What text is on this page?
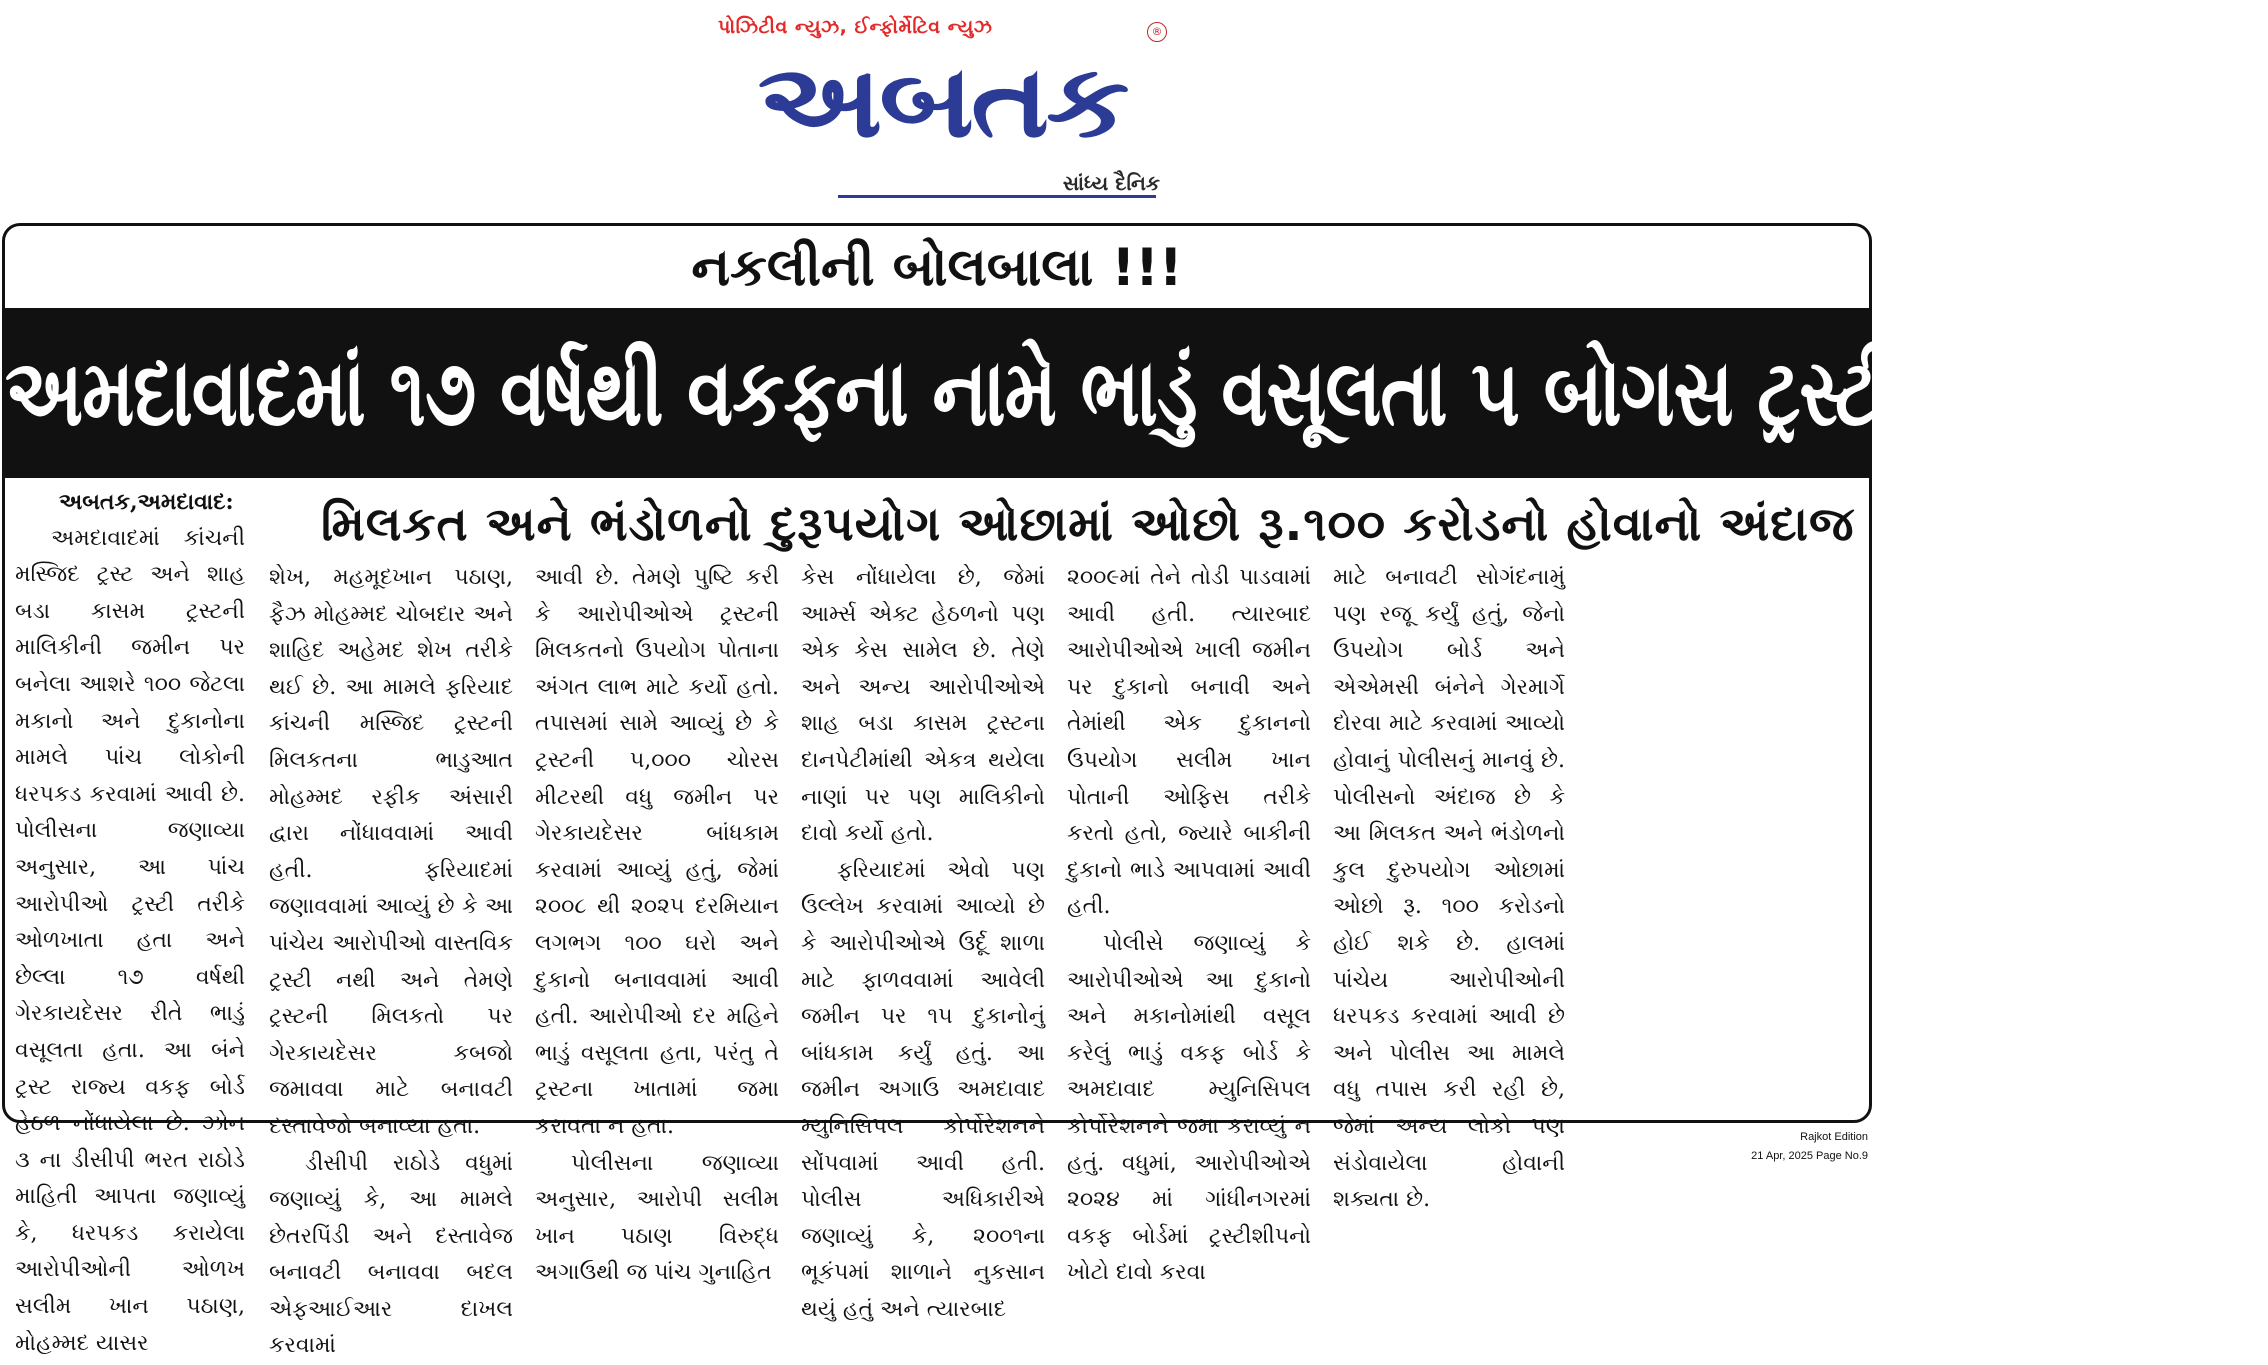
પોઝિટીવ ન્યુઝ, ઈન્ફોર્મેટિવ ન્યુઝ	®
અબતક
સાંધ્ય દૈનિક
નકલીની બોલબાલા !!!
અમદાવાદમાં ૧૭ વર્ષથી વકફના નામે ભાડું વસૂલતા ૫ બોગસ ટ્રસ્ટીઓ ઝડપાયા
મિલકત અને ભંડોળનો દુરૂપયોગ ઓછામાં ઓછો રૂ.૧૦૦ કરોડનો હોવાનો અંદાજ
અબતક,અમદાવાદ:

અમદાવાદમાં કાંચની મસ્જિદ ટ્રસ્ટ અને શાહ બડા કાસમ ટ્રસ્ટની માલિકીની જમીન પર બનેલા આશરે ૧૦૦ જેટલા મકાનો અને દુકાનોના મામલે પાંચ લોકોની ધરપકડ કરવામાં આવી છે. પોલીસના જણાવ્યા અનુસાર, આ પાંચ આરોપીઓ ટ્રસ્ટી તરીકે ઓળખાતા હતા અને છેલ્લા ૧૭ વર્ષથી ગેરકાયદેસર રીતે ભાડું વસૂલતા હતા. આ બંને ટ્રસ્ટ રાજ્ય વકફ બોર્ડ હેઠળ નોંધાયેલા છે. ઝોન ૩ ના ડીસીપી ભરત રાઠોડે માહિતી આપતા જણાવ્યું કે, ધરપકડ કરાયેલા આરોપીઓની ઓળખ સલીમ ખાન પઠાણ, મોહમ્મદ યાસર

શેખ, મહમૂદખાન પઠાણ, ફૈઝ મોહમ્મદ ચોબદાર અને શાહિદ અહેમદ શેખ તરીકે થઈ છે. આ મામલે ફરિયાદ કાંચની મસ્જિદ ટ્રસ્ટની મિલકતના ભાડુઆત મોહમ્મદ રફીક અંસારી દ્વારા નોંધાવવામાં આવી હતી. ફરિયાદમાં જણાવવામાં આવ્યું છે કે આ પાંચેય આરોપીઓ વાસ્તવિક ટ્રસ્ટી નથી અને તેમણે ટ્રસ્ટની મિલકતો પર ગેરકાયદેસર કબજો જમાવવા માટે બનાવટી દસ્તાવેજો બનાવ્યા હતા.

ડીસીપી રાઠોડે વધુમાં જણાવ્યું કે, આ મામલે છેતરપિંડી અને દસ્તાવેજ બનાવટી બનાવવા બદલ એફઆઈઆર દાખલ કરવામાં

આવી છે. તેમણે પુષ્ટિ કરી કે આરોપીઓએ ટ્રસ્ટની મિલકતનો ઉપયોગ પોતાના અંગત લાભ માટે કર્યો હતો. તપાસમાં સામે આવ્યું છે કે ટ્રસ્ટની ૫,૦૦૦ ચોરસ મીટરથી વધુ જમીન પર ગેરકાયદેસર બાંધકામ કરવામાં આવ્યું હતું, જેમાં ૨૦૦૮ થી ૨૦૨૫ દરમિયાન લગભગ ૧૦૦ ઘરો અને દુકાનો બનાવવામાં આવી હતી. આરોપીઓ દર મહિને ભાડું વસૂલતા હતા, પરંતુ તે ટ્રસ્ટના ખાતામાં જમા કરાવતા ન હતા.

પોલીસના જણાવ્યા અનુસાર, આરોપી સલીમ ખાન પઠાણ વિરુદ્ધ અગાઉથી જ પાંચ ગુનાહિત

કેસ નોંધાયેલા છે, જેમાં આર્મ્સ એક્ટ હેઠળનો પણ એક કેસ સામેલ છે. તેણે અને અન્ય આરોપીઓએ શાહ બડા કાસમ ટ્રસ્ટના દાનપેટીમાંથી એકત્ર થયેલા નાણાં પર પણ માલિકીનો દાવો કર્યો હતો.

ફરિયાદમાં એવો પણ ઉલ્લેખ કરવામાં આવ્યો છે કે આરોપીઓએ ઉર્દૂ શાળા માટે ફાળવવામાં આવેલી જમીન પર ૧૫ દુકાનોનું બાંધકામ કર્યું હતું. આ જમીન અગાઉ અમદાવાદ મ્યુનિસિપલ કોર્પોરેશનને સોંપવામાં આવી હતી. પોલીસ અધિકારીએ જણાવ્યું કે, ૨૦૦૧ના ભૂકંપમાં શાળાને નુકસાન થયું હતું અને ત્યારબાદ

૨૦૦૯માં તેને તોડી પાડવામાં આવી હતી. ત્યારબાદ આરોપીઓએ ખાલી જમીન પર દુકાનો બનાવી અને તેમાંથી એક દુકાનનો ઉપયોગ સલીમ ખાન પોતાની ઓફિસ તરીકે કરતો હતો, જ્યારે બાકીની દુકાનો ભાડે આપવામાં આવી હતી.

પોલીસે જણાવ્યું કે આરોપીઓએ આ દુકાનો અને મકાનોમાંથી વસૂલ કરેલું ભાડું વકફ બોર્ડ કે અમદાવાદ મ્યુનિસિપલ કોર્પોરેશનને જમા કરાવ્યું ન હતું. વધુમાં, આરોપીઓએ ૨૦૨૪ માં ગાંધીનગરમાં વકફ બોર્ડમાં ટ્રસ્ટીશીપનો ખોટો દાવો કરવા

માટે બનાવટી સોગંદનામું પણ રજૂ કર્યું હતું, જેનો ઉપયોગ બોર્ડ અને એએમસી બંનેને ગેરમાર્ગે દોરવા માટે કરવામાં આવ્યો હોવાનું પોલીસનું માનવું છે. પોલીસનો અંદાજ છે કે આ મિલકત અને ભંડોળનો કુલ દુરુપયોગ ઓછામાં ઓછો રૂ. ૧૦૦ કરોડનો હોઈ શકે છે. હાલમાં પાંચેય આરોપીઓની ધરપકડ કરવામાં આવી છે અને પોલીસ આ મામલે વધુ તપાસ કરી રહી છે, જેમાં અન્ય લોકો પણ સંડોવાયેલા હોવાની શક્યતા છે.

Rajkot Edition
21 Apr, 2025 Page No.9
